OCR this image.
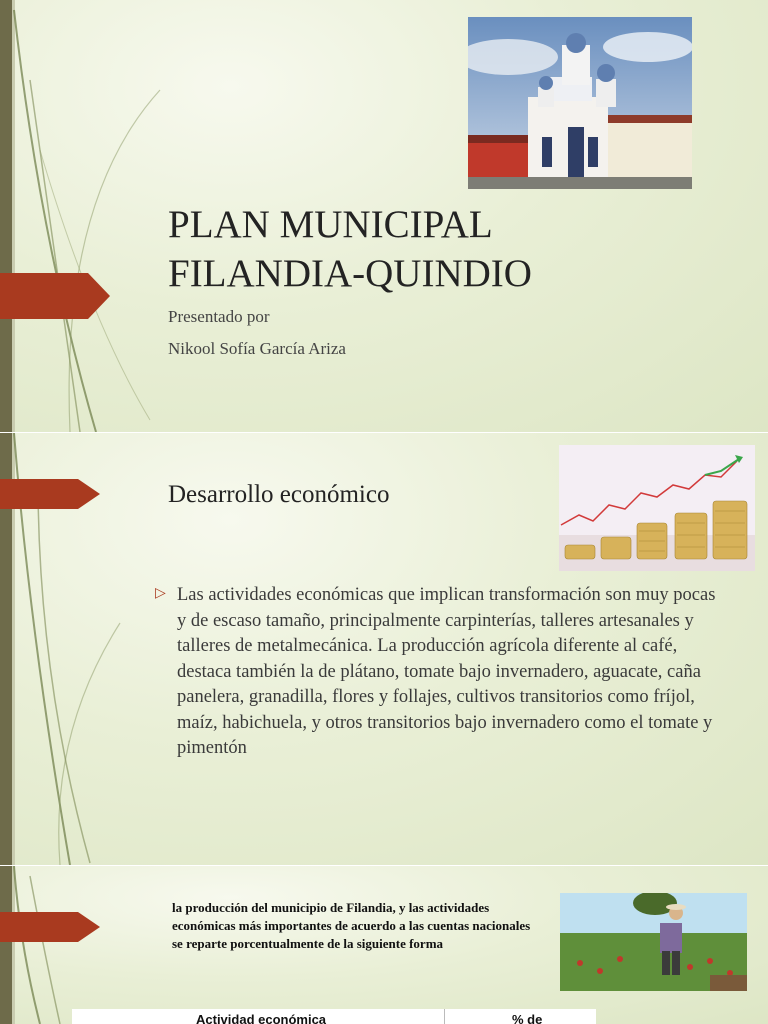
PLAN MUNICIPAL FILANDIA-QUINDIO
Presentado por
Nikool Sofía García Ariza
Desarrollo económico
▷ Las actividades económicas que implican transformación son muy pocas y de escaso tamaño, principalmente carpinterías, talleres artesanales y talleres de metalmecánica. La producción agrícola diferente al café, destaca también la de plátano, tomate bajo invernadero, aguacate, caña panelera, granadilla, flores y follajes, cultivos transitorios como fríjol, maíz, habichuela, y otros transitorios bajo invernadero como el tomate y pimentón

la producción del municipio de Filandia, y las actividades económicas más importantes de acuerdo a las cuentas nacionales se reparte porcentualmente de la siguiente forma

Actividad económica	% de
